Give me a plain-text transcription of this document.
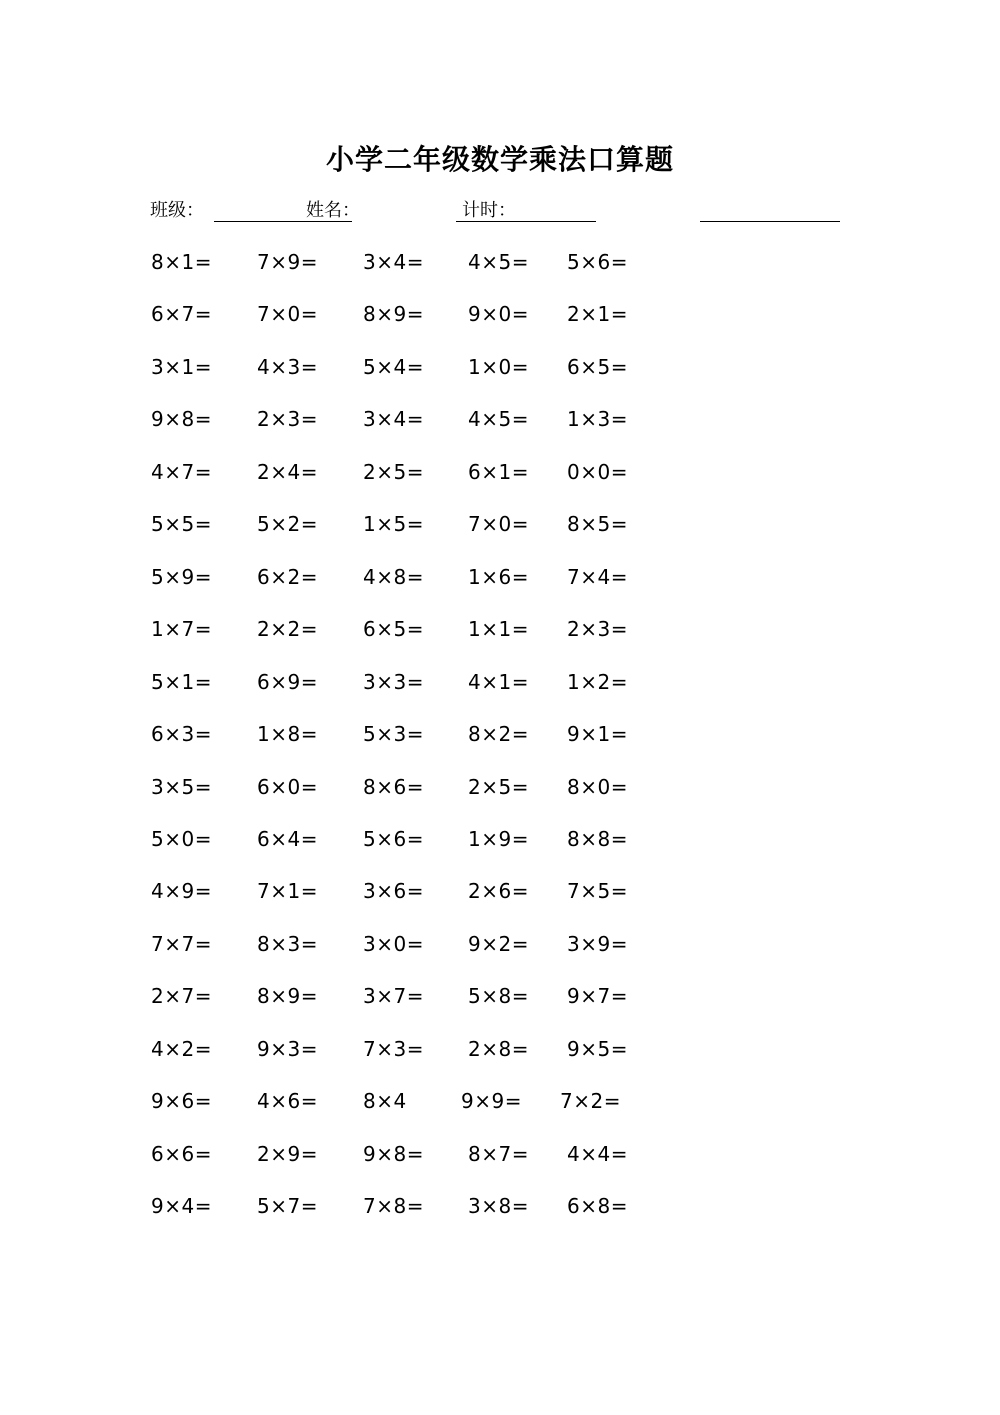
小学二年级数学乘法口算题
班级：	姓名：	计时：
8×1= 7×9= 3×4= 4×5= 5×6=
6×7= 7×0= 8×9= 9×0= 2×1=
3×1= 4×3= 5×4= 1×0= 6×5=
9×8= 2×3= 3×4= 4×5= 1×3=
4×7= 2×4= 2×5= 6×1= 0×0=
5×5= 5×2= 1×5= 7×0= 8×5=
5×9= 6×2= 4×8= 1×6= 7×4=
1×7= 2×2= 6×5= 1×1= 2×3=
5×1= 6×9= 3×3= 4×1= 1×2=
6×3= 1×8= 5×3= 8×2= 9×1=
3×5= 6×0= 8×6= 2×5= 8×0=
5×0= 6×4= 5×6= 1×9= 8×8=
4×9= 7×1= 3×6= 2×6= 7×5=
7×7= 8×3= 3×0= 9×2= 3×9=
2×7= 8×9= 3×7= 5×8= 9×7=
4×2= 9×3= 7×3= 2×8= 9×5=
9×6= 4×6= 8×4	9×9= 7×2=
6×6= 2×9= 9×8= 8×7= 4×4=
9×4= 5×7= 7×8= 3×8= 6×8=
